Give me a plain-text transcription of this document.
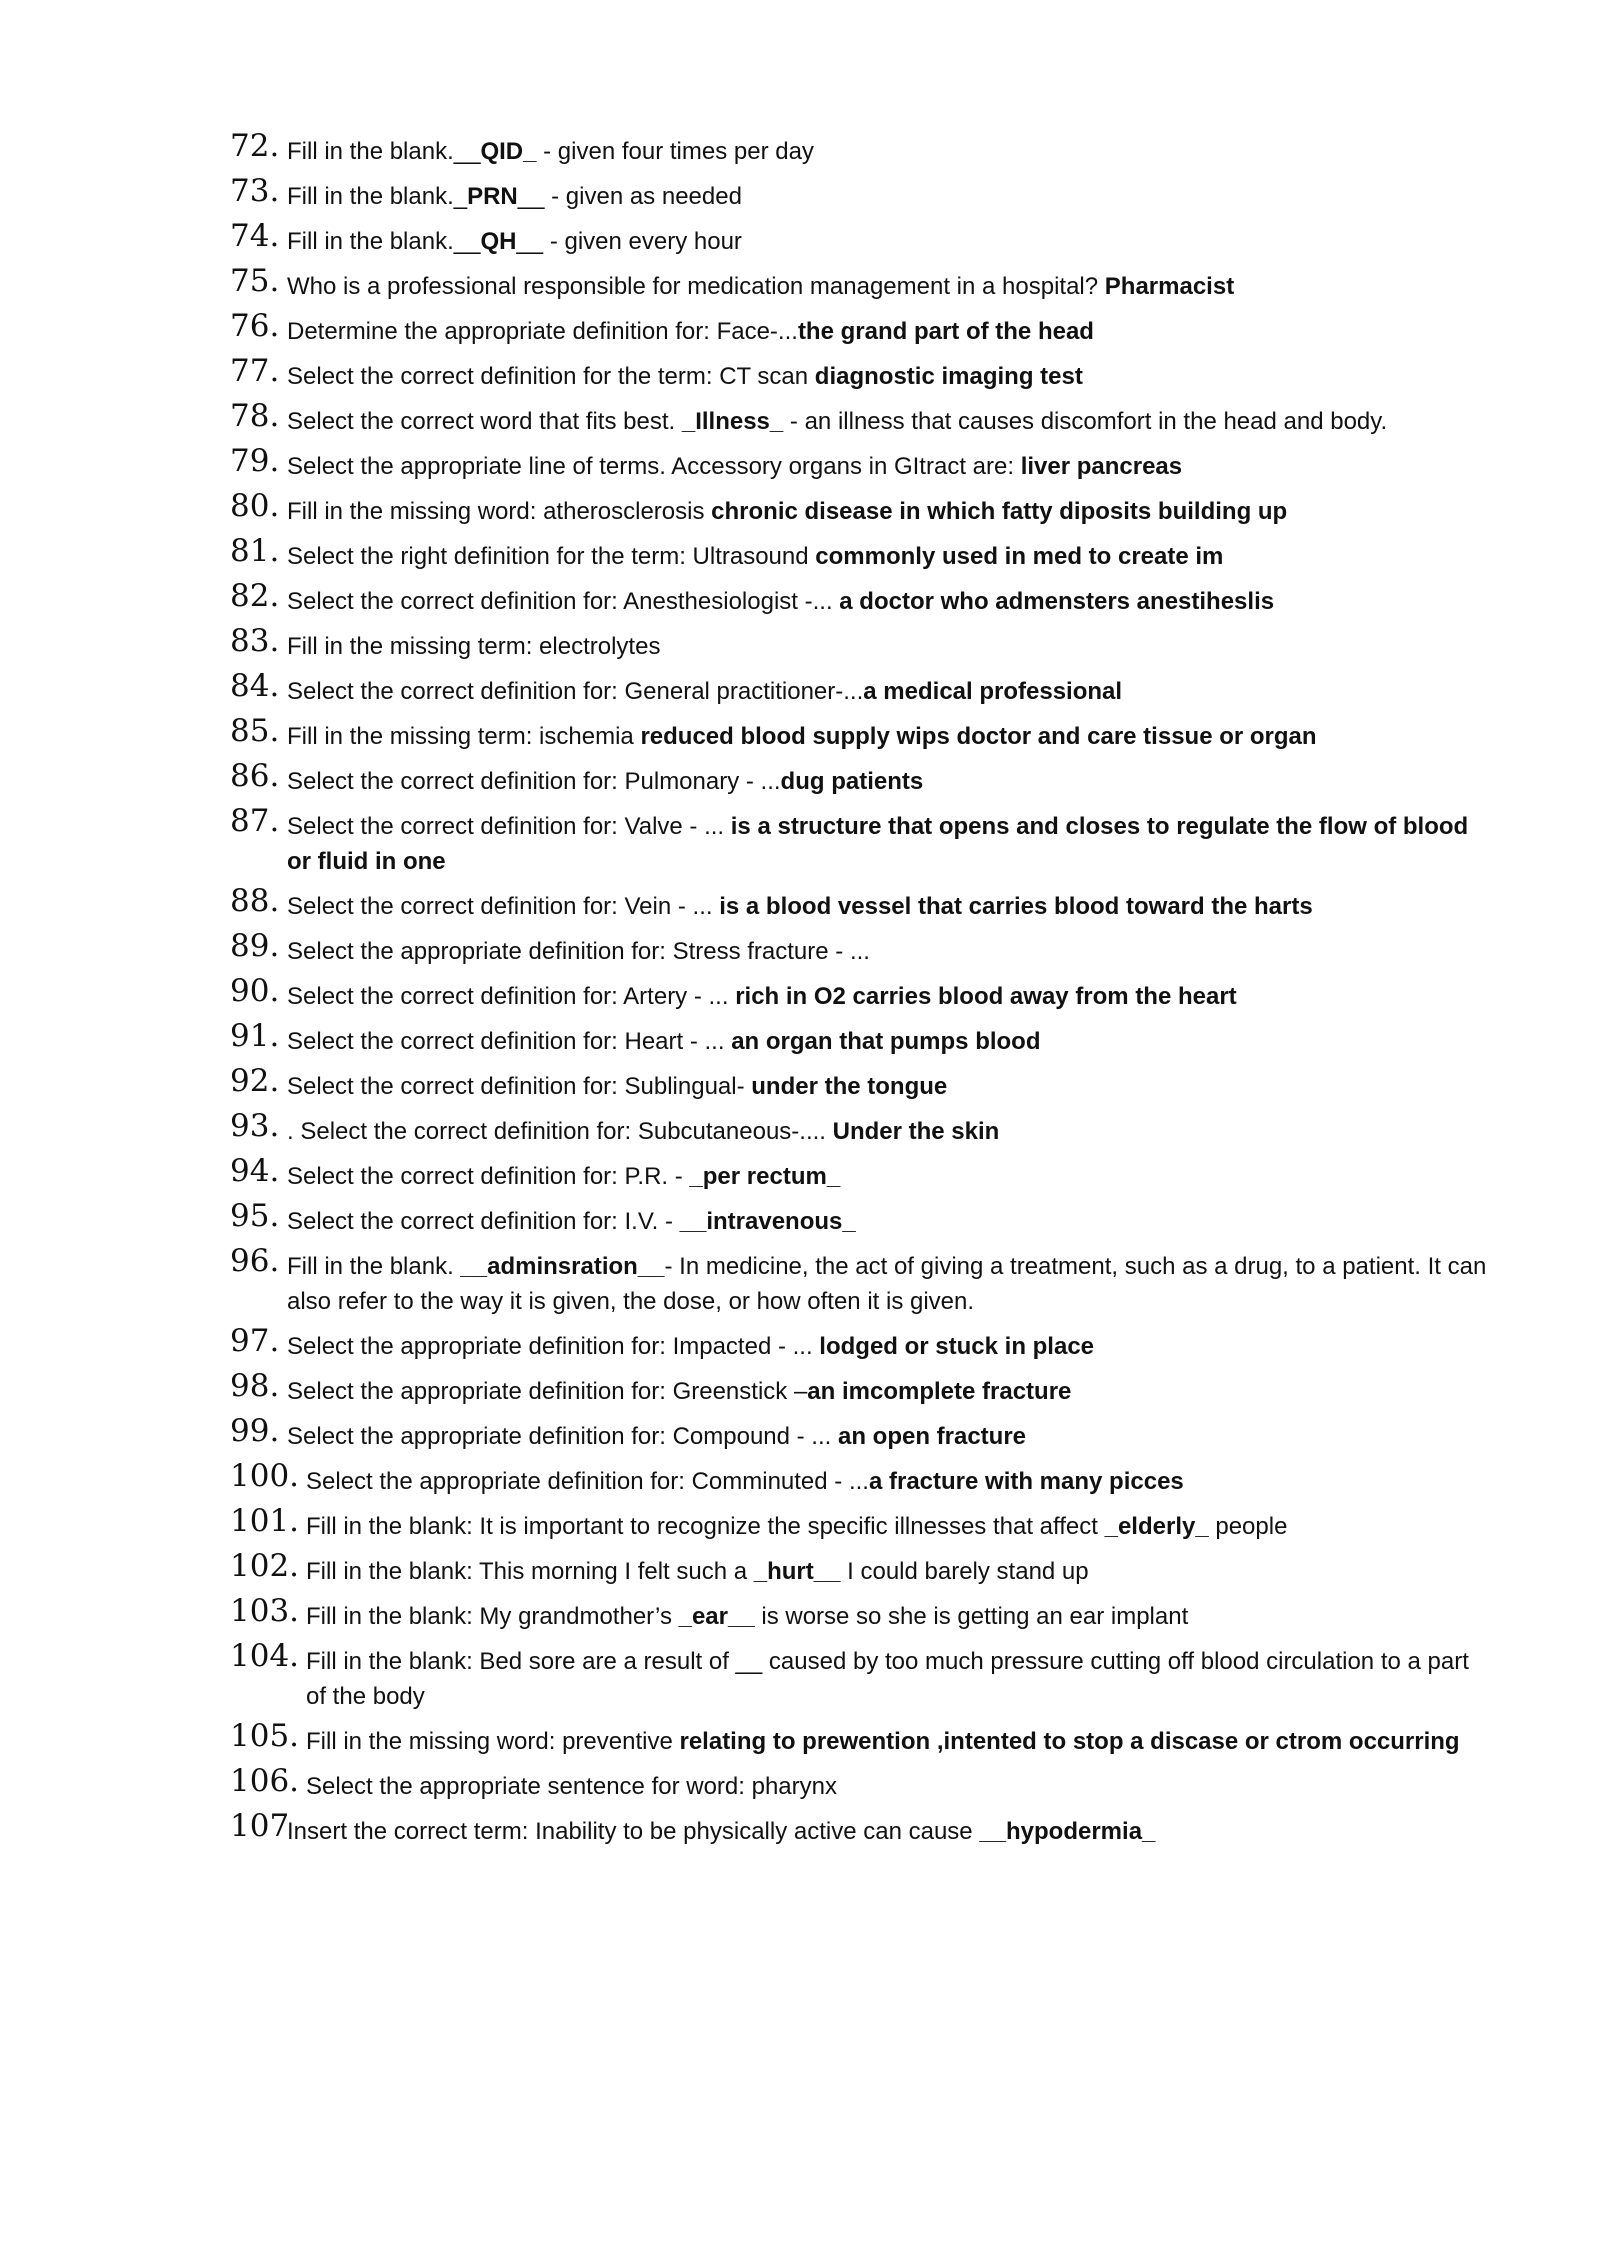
72. Fill in the blank.__QID_ - given four times per day
73. Fill in the blank._PRN__ - given as needed
74. Fill in the blank.__QH__ - given every hour
75. Who is a professional responsible for medication management in a hospital? Pharmacist
76. Determine the appropriate definition for: Face-...the grand part of the head
77. Select the correct definition for the term: CT scan diagnostic imaging test
78. Select the correct word that fits best. _Illness_ - an illness that causes discomfort in the head and body.
79. Select the appropriate line of terms. Accessory organs in GItract are: liver pancreas
80. Fill in the missing word: atherosclerosis chronic disease in which fatty diposits building up
81. Select the right definition for the term: Ultrasound commonly used in med to create im
82. Select the correct definition for: Anesthesiologist -... a doctor who admensters anestiheslis
83. Fill in the missing term: electrolytes
84. Select the correct definition for: General practitioner-...a medical professional
85. Fill in the missing term: ischemia reduced blood supply wips doctor and care tissue or organ
86. Select the correct definition for: Pulmonary - ...dug patients
87. Select the correct definition for: Valve - ... is a structure that opens and closes to regulate the flow of blood or fluid in one
88. Select the correct definition for: Vein - ... is a blood vessel that carries blood toward the harts
89. Select the appropriate definition for: Stress fracture - ...
90. Select the correct definition for: Artery - ... rich in O2 carries blood away from the heart
91. Select the correct definition for: Heart - ... an organ that pumps blood
92. Select the correct definition for: Sublingual- under the tongue
93. . Select the correct definition for: Subcutaneous-.... Under the skin
94. Select the correct definition for: P.R. - _per rectum_
95. Select the correct definition for: I.V. - __intravenous_
96. Fill in the blank. __adminsration__- In medicine, the act of giving a treatment, such as a drug, to a patient. It can also refer to the way it is given, the dose, or how often it is given.
97. Select the appropriate definition for: Impacted - ... lodged or stuck in place
98. Select the appropriate definition for: Greenstick –an imcomplete fracture
99. Select the appropriate definition for: Compound - ... an open fracture
100. Select the appropriate definition for: Comminuted - ...a fracture with many picces
101. Fill in the blank: It is important to recognize the specific illnesses that affect _elderly_ people
102. Fill in the blank: This morning I felt such a _hurt__ I could barely stand up
103. Fill in the blank: My grandmother’s _ear__ is worse so she is getting an ear implant
104. Fill in the blank: Bed sore are a result of __ caused by too much pressure cutting off blood circulation to a part of the body
105. Fill in the missing word: preventive relating to prewention ,intented to stop a discase or ctrom occurring
106. Select the appropriate sentence for word: pharynx
107
Insert the correct term: Inability to be physically active can cause __hypodermia_
